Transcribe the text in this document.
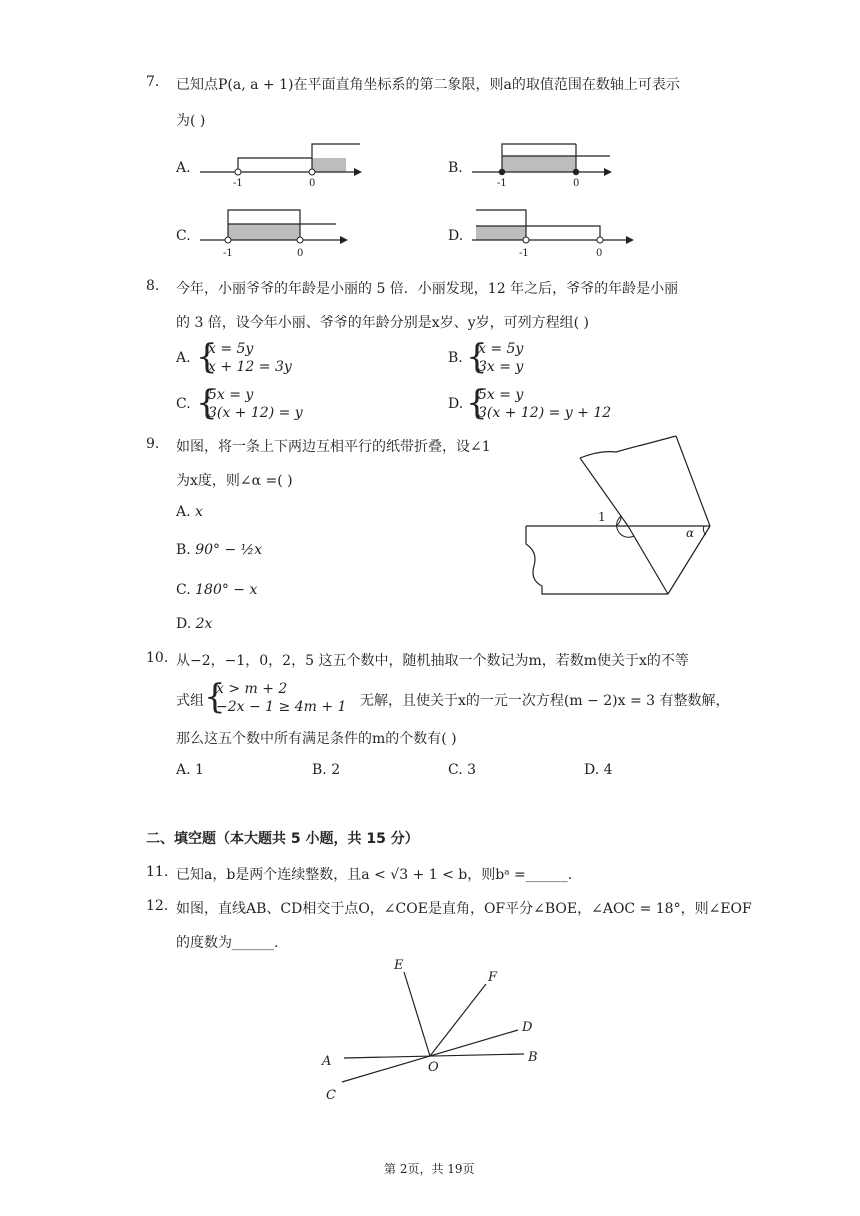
7. 已知点P(a, a + 1)在平面直角坐标系的第二象限，则a的取值范围在数轴上可表示
为( )
A.
-1	0
B.
-1	0
C.
-1	0
D.
-1	0
8. 今年，小丽爷爷的年龄是小丽的 5 倍．小丽发现，12 年之后，爷爷的年龄是小丽
的 3 倍，设今年小丽、爷爷的年龄分别是x岁、y岁，可列方程组( )
A. {
x = 5y
x + 12 = 3y
B. {
x = 5y
3x = y
C. {
5x = y
3(x + 12) = y
D. {
5x = y
3(x + 12) = y + 12
9. 如图，将一条上下两边互相平行的纸带折叠，设∠1
为x度，则∠α =( )
A. x
B. 90° − ½x
C. 180° − x
D. 2x
1
α
10. 从−2，−1，0，2，5 这五个数中，随机抽取一个数记为m，若数m使关于x的不等
式组 {
x > m + 2
−2x − 1 ≥ 4m + 1 无解，且使关于x的一元一次方程(m − 2)x = 3 有整数解，
那么这五个数中所有满足条件的m的个数有( )
A. 1	B. 2	C. 3	D. 4
二、填空题（本大题共 5 小题，共 15 分）
11. 已知a，b是两个连续整数，且a < √3 + 1 < b，则bᵃ =______.
12. 如图，直线AB、CD相交于点O，∠COE是直角，OF平分∠BOE，∠AOC = 18°，则∠EOF
的度数为______.
E
F
D
A	B
O
C
第 2页，共 19页
